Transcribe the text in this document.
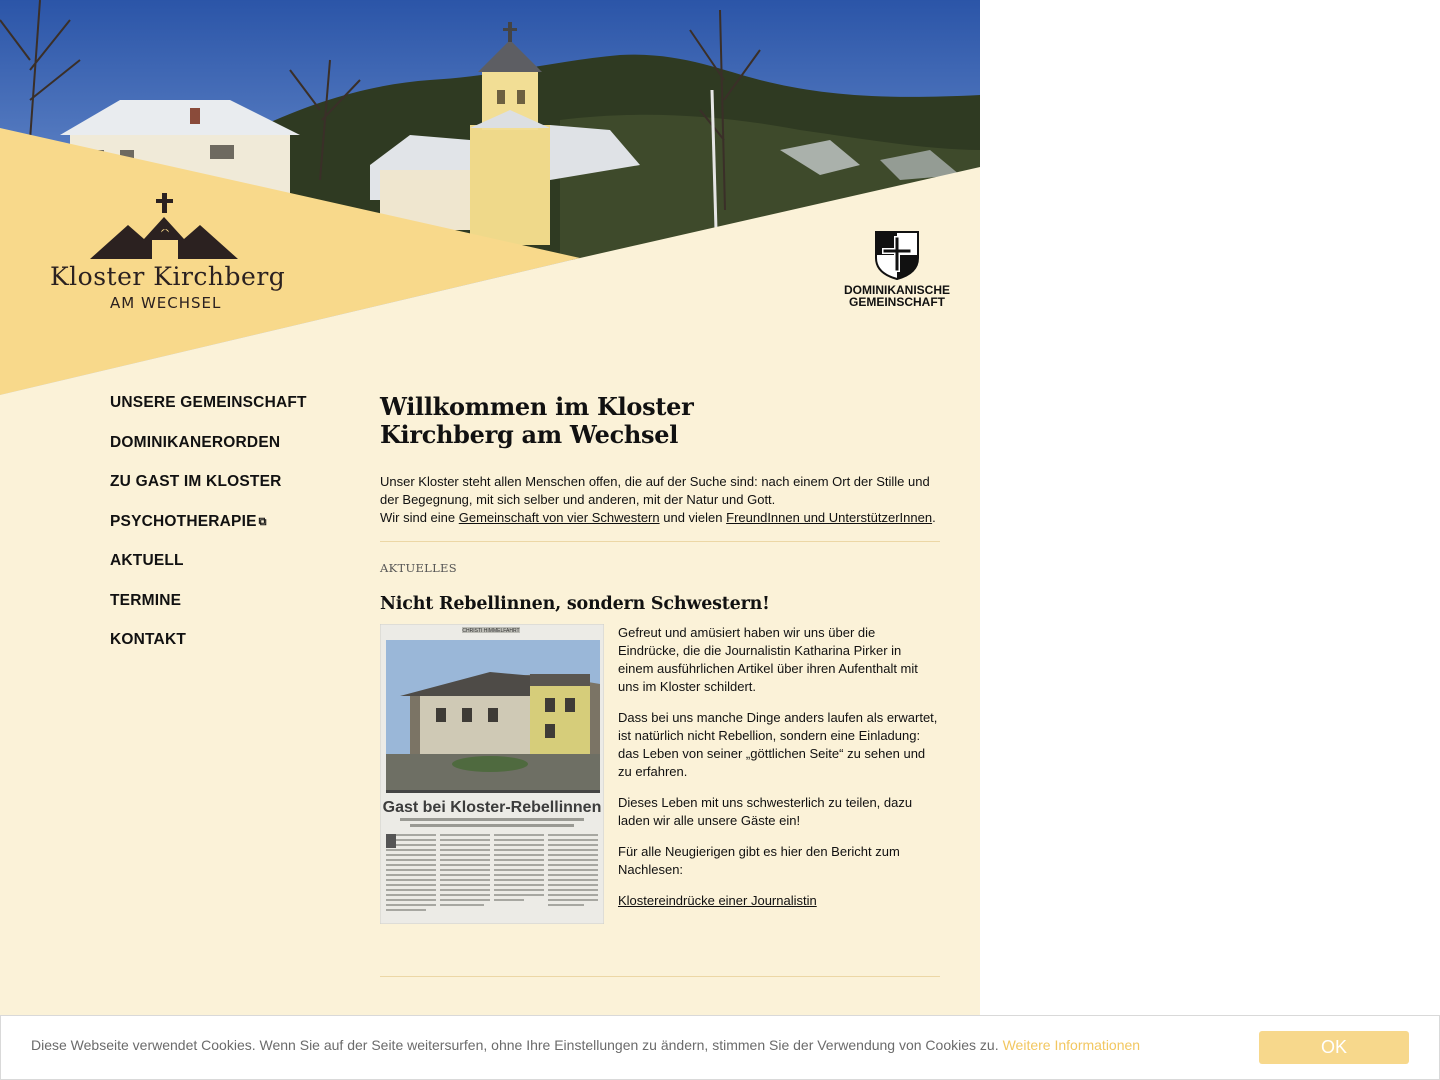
Kloster Kirchberg
AM WECHSEL
DOMINIKANISCHE
GEMEINSCHAFT
UNSERE GEMEINSCHAFT
DOMINIKANERORDEN
ZU GAST IM KLOSTER
PSYCHOTHERAPIE ⧉
AKTUELL
TERMINE
KONTAKT
Willkommen im Kloster
Kirchberg am Wechsel
Unser Kloster steht allen Menschen offen, die auf der Suche sind: nach einem Ort der Stille und der Begegnung, mit sich selber und anderen, mit der Natur und Gott.
Wir sind eine Gemeinschaft von vier Schwestern und vielen FreundInnen und UnterstützerInnen.
AKTUELLES
Nicht Rebellinnen, sondern Schwestern!
CHRISTI HIMMELFAHRT
Gast bei Kloster-Rebellinnen

Gefreut und amüsiert haben wir uns über die Eindrücke, die die Journalistin Katharina Pirker in einem ausführlichen Artikel über ihren Aufenthalt mit uns im Kloster schildert.

Dass bei uns manche Dinge anders laufen als erwartet, ist natürlich nicht Rebellion, sondern eine Einladung: das Leben von seiner „göttlichen Seite“ zu sehen und zu erfahren.

Dieses Leben mit uns schwesterlich zu teilen, dazu laden wir alle unsere Gäste ein!

Für alle Neugierigen gibt es hier den Bericht zum Nachlesen:

Klostereindrücke einer Journalistin

Diese Webseite verwendet Cookies. Wenn Sie auf der Seite weitersurfen, ohne Ihre Einstellungen zu ändern, stimmen Sie der Verwendung von Cookies zu. Weitere Informationen	OK
